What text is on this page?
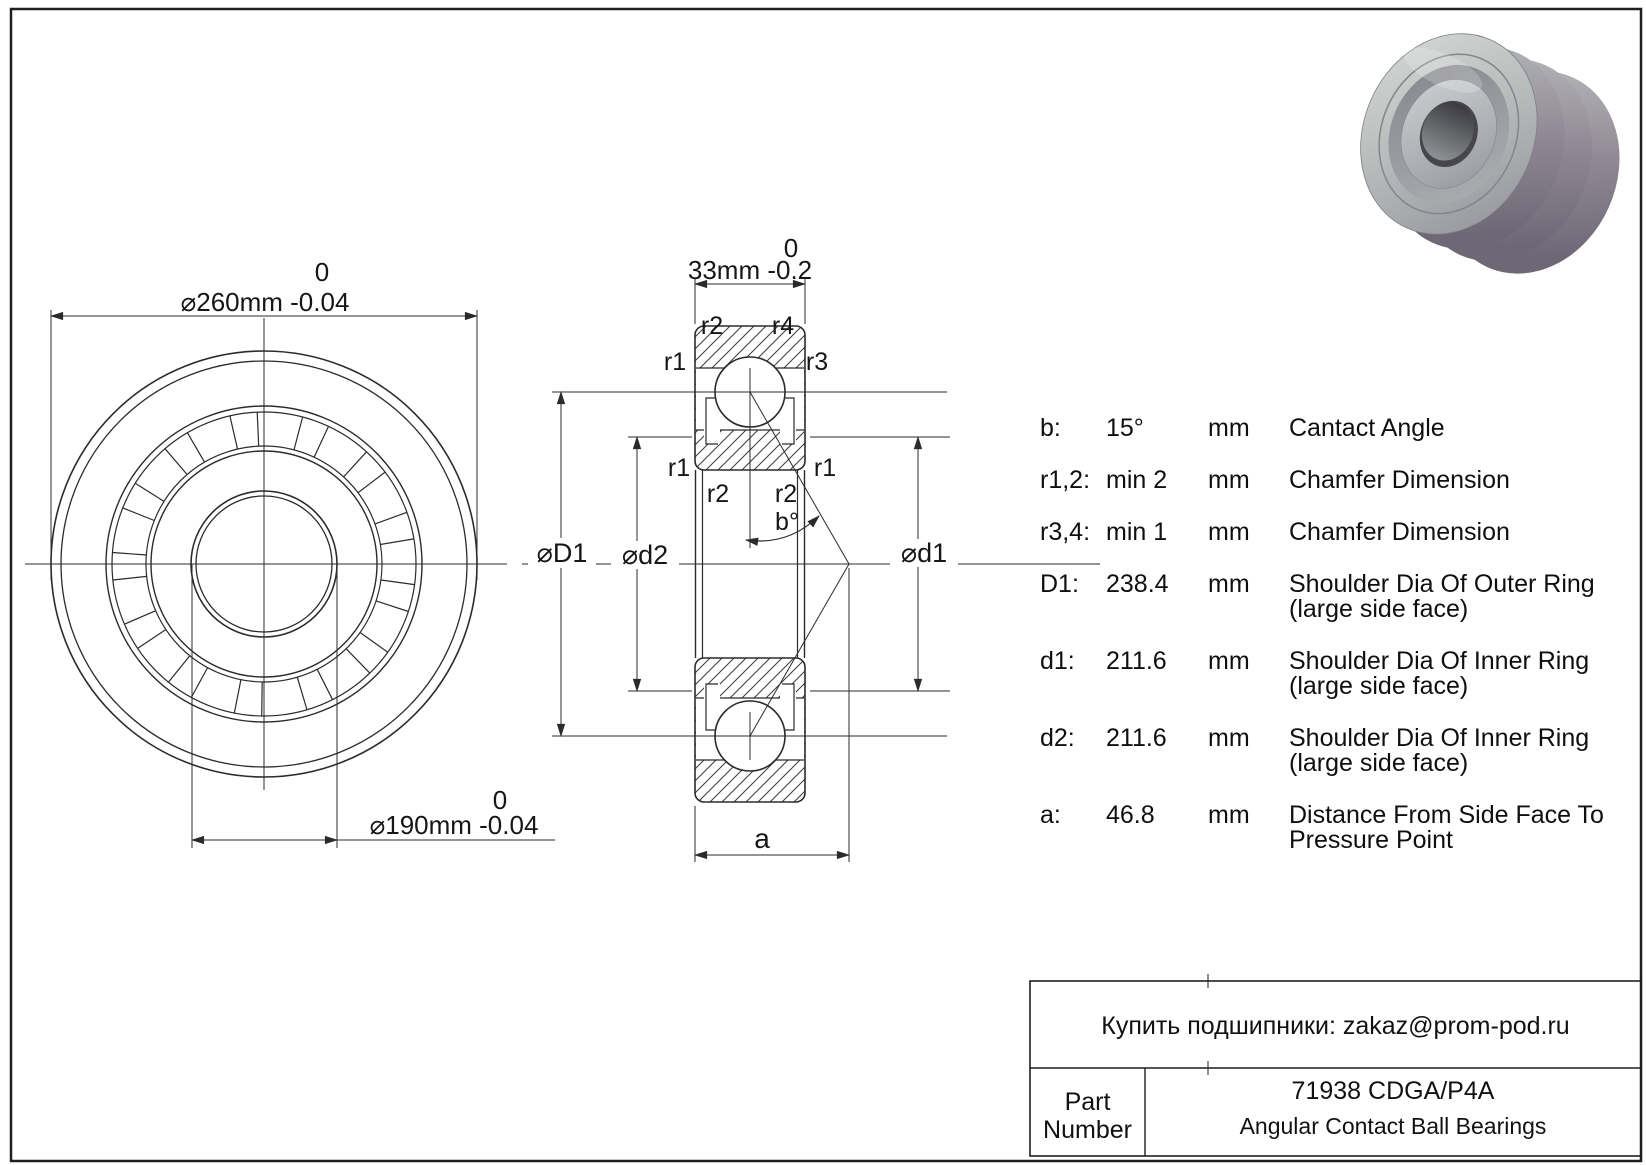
0
⌀260mm -0.04
0
⌀190mm -0.04
0
33mm -0.2
r2 r4
r1	r3
r1	r1
r2 r2
b°
a
⌀D1 ⌀d2	⌀d1
b: 15°	mm Cantact Angle
r1,2: min 2 mm Chamfer Dimension
r3,4: min 1 mm Chamfer Dimension
D1: 238.4 mm Shoulder Dia Of Outer Ring
(large side face)
d1: 211.6 mm Shoulder Dia Of Inner Ring
(large side face)
d2: 211.6 mm Shoulder Dia Of Inner Ring
(large side face)
a: 46.8 mm Distance From Side Face To
Pressure Point
Купить подшипники: zakaz@prom-pod.ru
Part
Number
71938 CDGA/P4A
Angular Contact Ball Bearings
